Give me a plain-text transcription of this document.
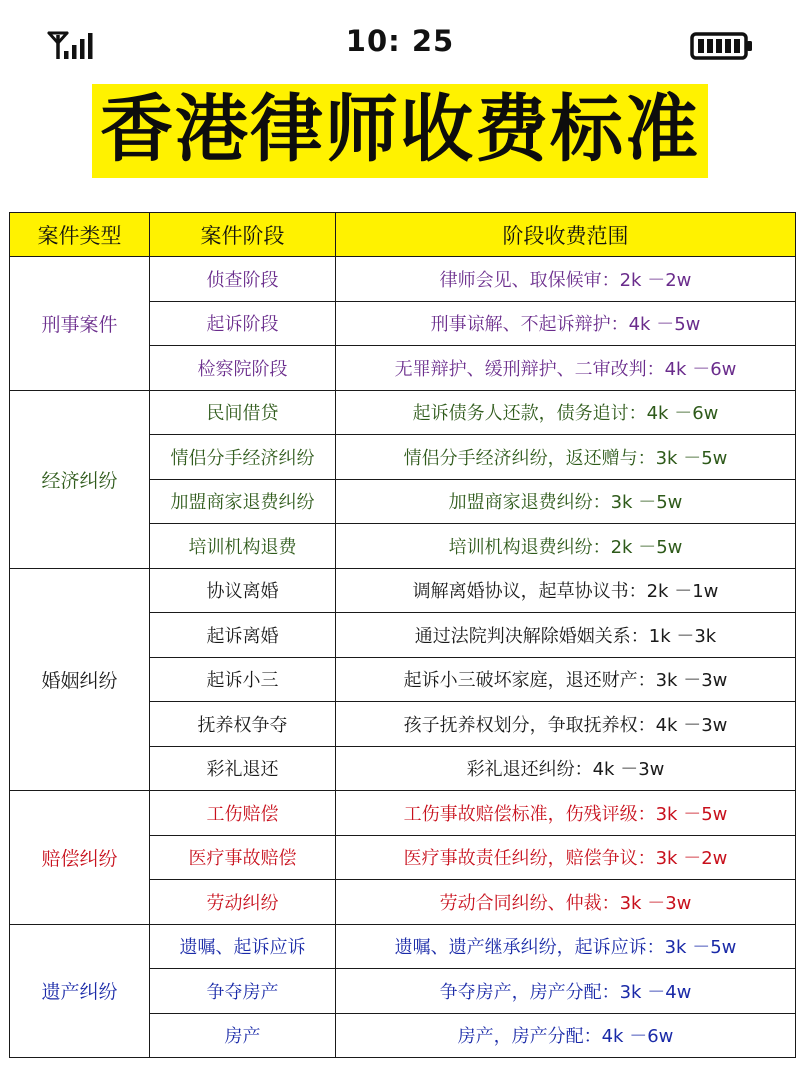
10: 25
香港律师收费标准
案件类型	案件阶段	阶段收费范围
刑事案件	侦查阶段	律师会见、取保候审：2k －2w
	起诉阶段	刑事谅解、不起诉辩护：4k －5w
	检察院阶段	无罪辩护、缓刑辩护、二审改判：4k －6w
经济纠纷	民间借贷	起诉债务人还款，债务追讨：4k －6w
	情侣分手经济纠纷	情侣分手经济纠纷，返还赠与：3k －5w
	加盟商家退费纠纷	加盟商家退费纠纷：3k －5w
	培训机构退费	培训机构退费纠纷：2k －5w
婚姻纠纷	协议离婚	调解离婚协议，起草协议书：2k －1w
	起诉离婚	通过法院判决解除婚姻关系：1k －3k
	起诉小三	起诉小三破坏家庭，退还财产：3k －3w
	抚养权争夺	孩子抚养权划分，争取抚养权：4k －3w
	彩礼退还	彩礼退还纠纷：4k －3w
赔偿纠纷	工伤赔偿	工伤事故赔偿标准，伤残评级：3k －5w
	医疗事故赔偿	医疗事故责任纠纷，赔偿争议：3k －2w
	劳动纠纷	劳动合同纠纷、仲裁：3k －3w
遗产纠纷	遗嘱、起诉应诉	遗嘱、遗产继承纠纷，起诉应诉：3k －5w
	争夺房产	争夺房产，房产分配：3k －4w
	房产	房产，房产分配：4k －6w
